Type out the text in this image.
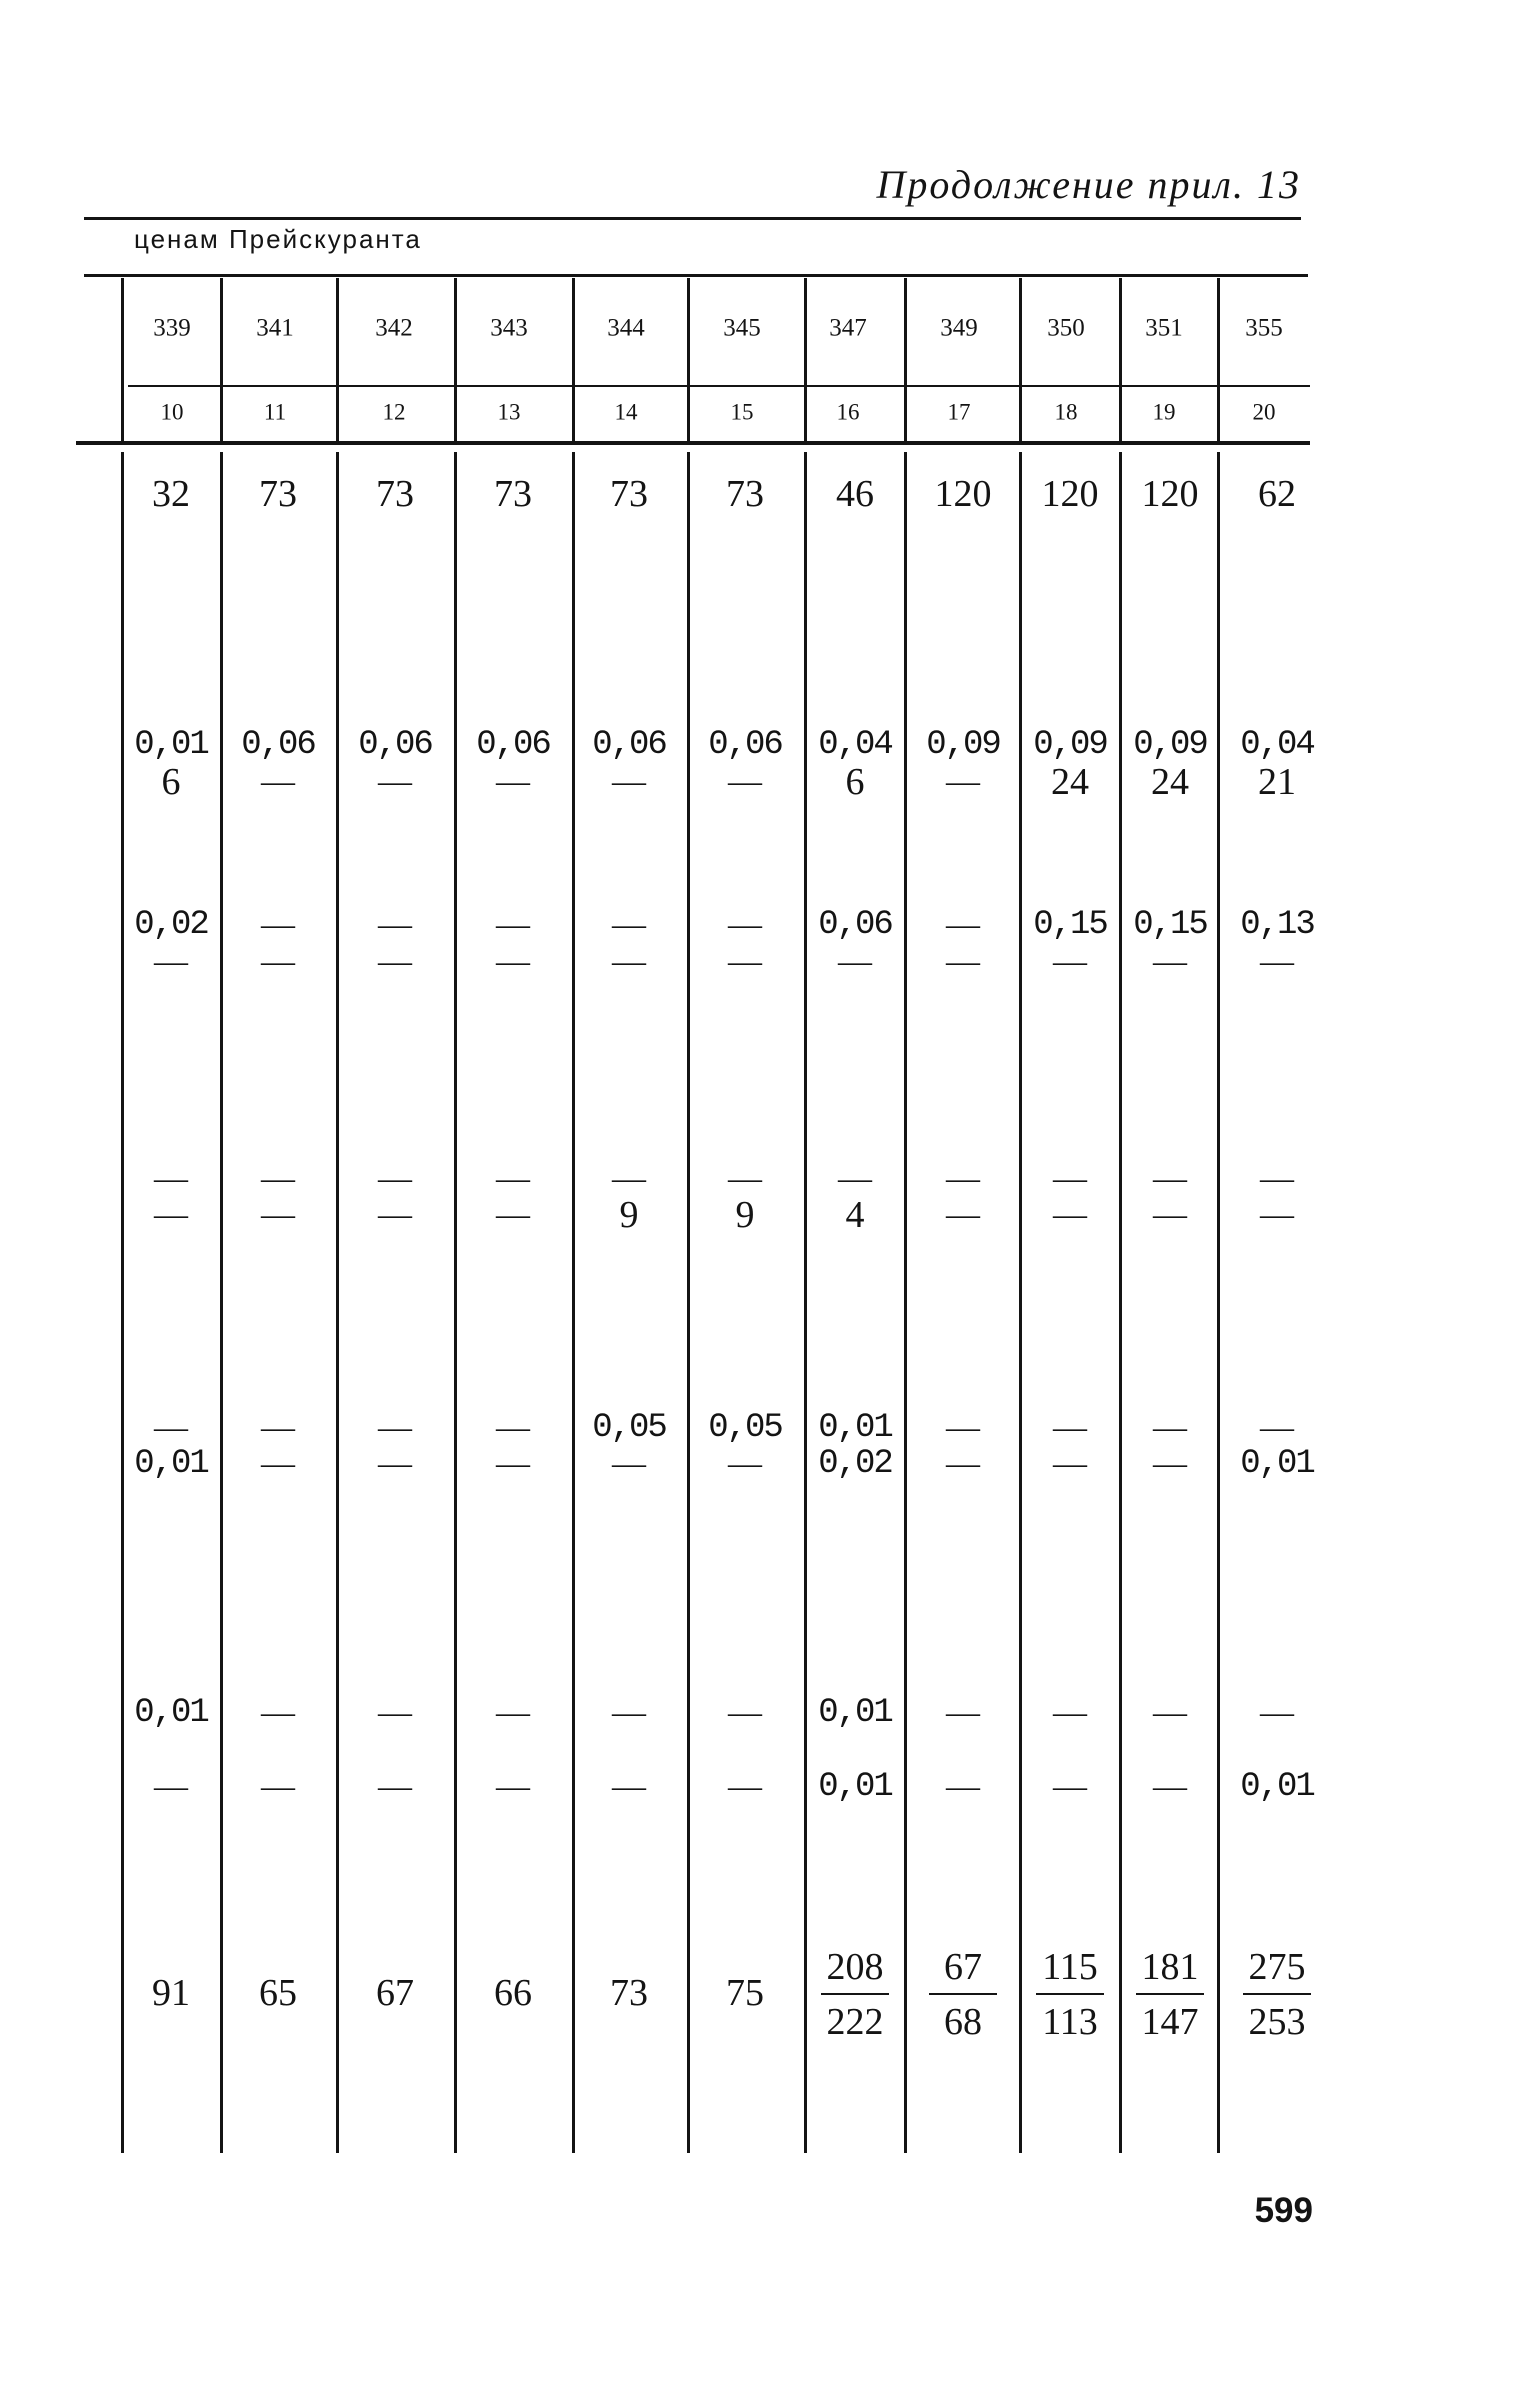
Продолжение прил. 13
ценам Прейскуранта
339
10
341
11
342
12
343
13
344
14
345
15
347
16
349
17
350
18
351
19
355
20
32 73 73 73 73 73 46 120 120 120 62
0,01
6
0,06
—
0,06
—
0,06
—
0,06
—
0,06
—
0,04
6
0,09
—
0,09
24
0,09
24
0,04
21
0,02
—
—
—
—
—
—
—
—
—
—
—
0,06
—
—
—
0,15
—
0,15
—
0,13
—
—
—
—
—
—
—
—
—
—
9
—
9
—
4
—
—
—
—
—
—
—
—
—
0,01
—
—
—
—
—
—
0,05
—
0,05
—
0,01
0,02
—
—
—
—
—
—
—
0,01
0,01
—
—
—
—
—
—
—
—
—
—
—
0,01
0,01
—
—
—
—
—
—
—
0,01
91 65 67 66 73 75
208
222
67
68
115
113
181
147
275
253
599
